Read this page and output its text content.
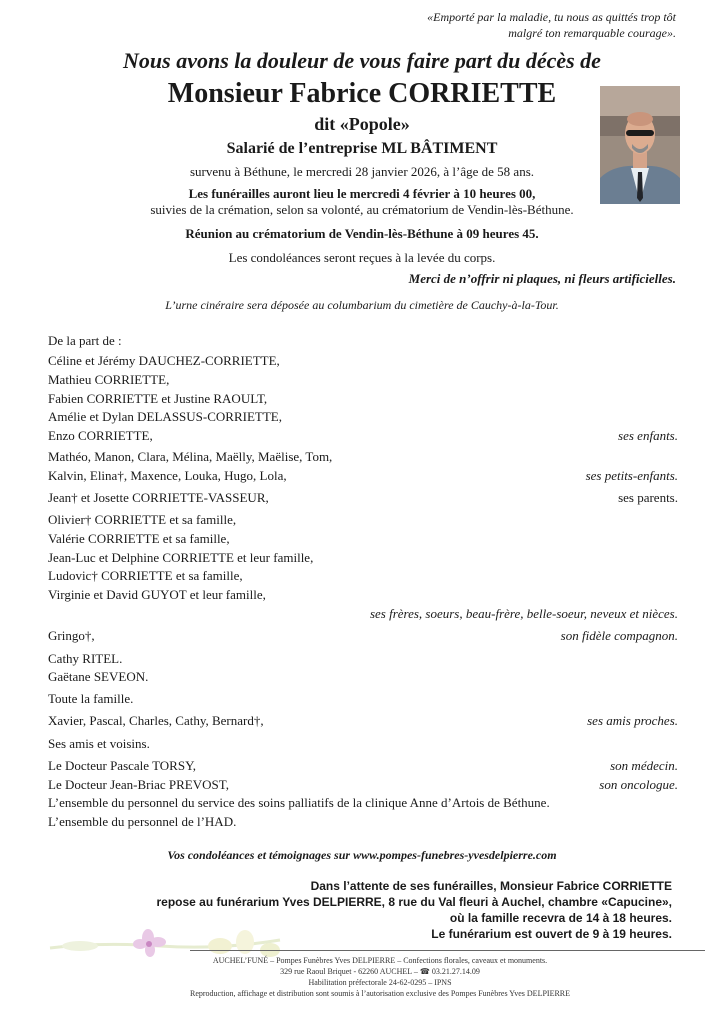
«Emporté par la maladie, tu nous as quittés trop tôt
malgré ton remarquable courage».
Nous avons la douleur de vous faire part du décès de
Monsieur Fabrice CORRIETTE
dit «Popole»
Salarié de l’entreprise ML BÂTIMENT
survenu à Béthune, le mercredi 28 janvier 2026, à l’âge de 58 ans.
Les funérailles auront lieu le mercredi 4 février à 10 heures 00,
suivies de la crémation, selon sa volonté, au crématorium de Vendin-lès-Béthune.
Réunion au crématorium de Vendin-lès-Béthune à 09 heures 45.
Les condoléances seront reçues à la levée du corps.
Merci de n’offrir ni plaques, ni fleurs artificielles.
L’urne cinéraire sera déposée au columbarium du cimetière de Cauchy-à-la-Tour.
De la part de :
Céline et Jérémy DAUCHEZ-CORRIETTE,
Mathieu CORRIETTE,
Fabien CORRIETTE et Justine RAOULT,
Amélie et Dylan DELASSUS-CORRIETTE,
Enzo CORRIETTE,	ses enfants.
Mathéo, Manon, Clara, Mélina, Maëlly, Maëlise, Tom,
Kalvin, Elina†, Maxence, Louka, Hugo, Lola,	ses petits-enfants.
Jean† et Josette CORRIETTE-VASSEUR,	ses parents.
Olivier† CORRIETTE et sa famille,
Valérie CORRIETTE et sa famille,
Jean-Luc et Delphine CORRIETTE et leur famille,
Ludovic† CORRIETTE et sa famille,
Virginie et David GUYOT et leur famille,
ses frères, soeurs, beau-frère, belle-soeur, neveux et nièces.
Gringo†,	son fidèle compagnon.
Cathy RITEL.
Gaëtane SEVEON.
Toute la famille.
Xavier, Pascal, Charles, Cathy, Bernard†,	ses amis proches.
Ses amis et voisins.
Le Docteur Pascale TORSY,	son médecin.
Le Docteur Jean-Briac PREVOST,	son oncologue.
L’ensemble du personnel du service des soins palliatifs de la clinique Anne d’Artois de Béthune.
L’ensemble du personnel de l’HAD.
Vos condoléances et témoignages sur www.pompes-funebres-yvesdelpierre.com
Dans l’attente de ses funérailles, Monsieur Fabrice CORRIETTE
repose au funérarium Yves DELPIERRE, 8 rue du Val fleuri à Auchel, chambre «Capucine»,
où la famille recevra de 14 à 18 heures.
Le funérarium est ouvert de 9 à 19 heures.
AUCHEL’FUNÉ – Pompes Funèbres Yves DELPIERRE – Confections florales, caveaux et monuments.
329 rue Raoul Briquet - 62260 AUCHEL – ☎ 03.21.27.14.09
Habilitation préfectorale 24-62-0295 – IPNS
Reproduction, affichage et distribution sont soumis à l’autorisation exclusive des Pompes Funèbres Yves DELPIERRE
